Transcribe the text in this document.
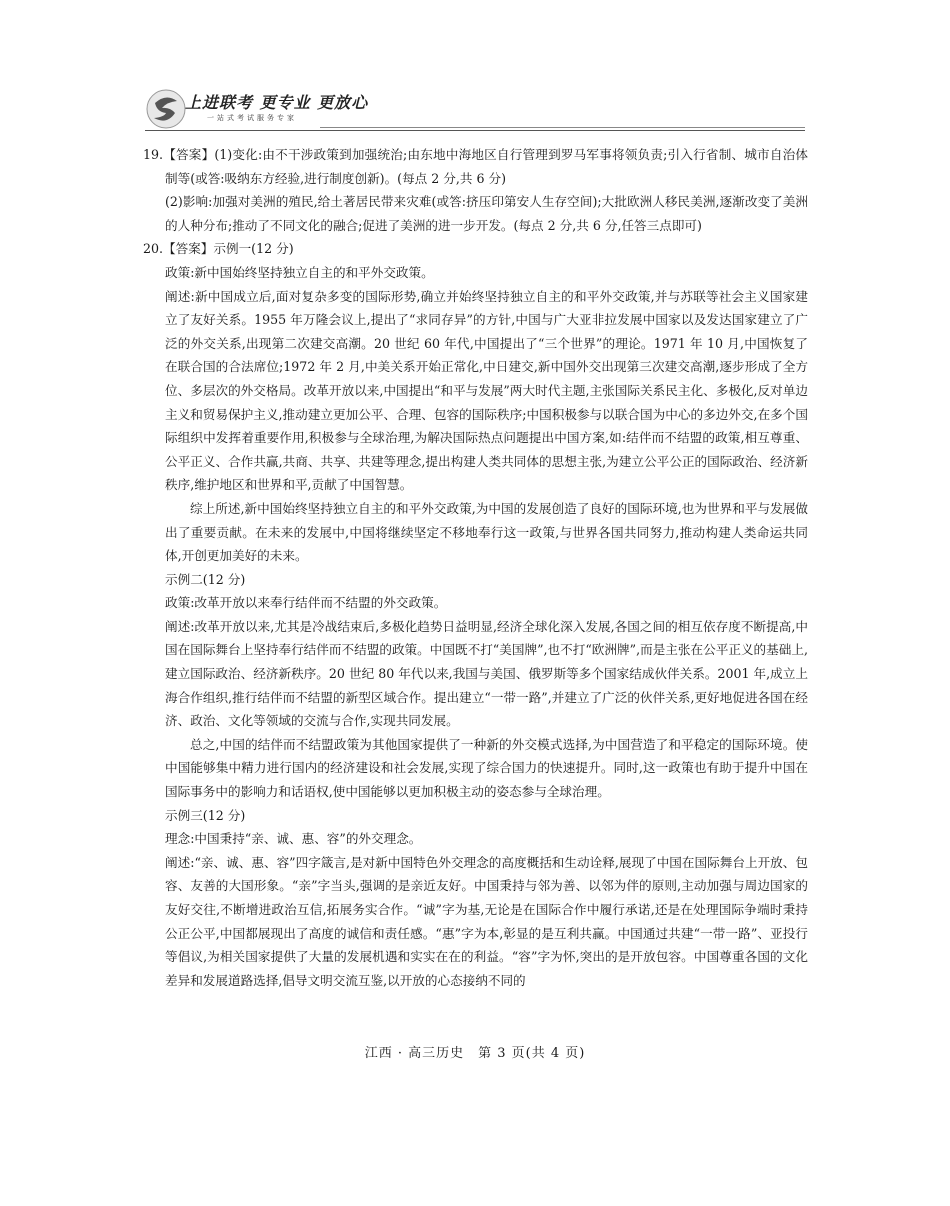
上进联考 更专业 更放心
一站式考试服务专家

19.【答案】(1)变化:由不干涉政策到加强统治;由东地中海地区自行管理到罗马军事将领负责;引入行省制、城市自治体制等(或答:吸纳东方经验,进行制度创新)。(每点 2 分,共 6 分)

(2)影响:加强对美洲的殖民,给土著居民带来灾难(或答:挤压印第安人生存空间);大批欧洲人移民美洲,逐渐改变了美洲的人种分布;推动了不同文化的融合;促进了美洲的进一步开发。(每点 2 分,共 6 分,任答三点即可)

20.【答案】示例一(12 分)

政策:新中国始终坚持独立自主的和平外交政策。

阐述:新中国成立后,面对复杂多变的国际形势,确立并始终坚持独立自主的和平外交政策,并与苏联等社会主义国家建立了友好关系。1955 年万隆会议上,提出了“求同存异”的方针,中国与广大亚非拉发展中国家以及发达国家建立了广泛的外交关系,出现第二次建交高潮。20 世纪 60 年代,中国提出了“三个世界”的理论。1971 年 10 月,中国恢复了在联合国的合法席位;1972 年 2 月,中美关系开始正常化,中日建交,新中国外交出现第三次建交高潮,逐步形成了全方位、多层次的外交格局。改革开放以来,中国提出“和平与发展”两大时代主题,主张国际关系民主化、多极化,反对单边主义和贸易保护主义,推动建立更加公平、合理、包容的国际秩序;中国积极参与以联合国为中心的多边外交,在多个国际组织中发挥着重要作用,积极参与全球治理,为解决国际热点问题提出中国方案,如:结伴而不结盟的政策,相互尊重、公平正义、合作共赢,共商、共享、共建等理念,提出构建人类共同体的思想主张,为建立公平公正的国际政治、经济新秩序,维护地区和世界和平,贡献了中国智慧。

综上所述,新中国始终坚持独立自主的和平外交政策,为中国的发展创造了良好的国际环境,也为世界和平与发展做出了重要贡献。在未来的发展中,中国将继续坚定不移地奉行这一政策,与世界各国共同努力,推动构建人类命运共同体,开创更加美好的未来。

示例二(12 分)

政策:改革开放以来奉行结伴而不结盟的外交政策。

阐述:改革开放以来,尤其是冷战结束后,多极化趋势日益明显,经济全球化深入发展,各国之间的相互依存度不断提高,中国在国际舞台上坚持奉行结伴而不结盟的政策。中国既不打“美国牌”,也不打“欧洲牌”,而是主张在公平正义的基础上,建立国际政治、经济新秩序。20 世纪 80 年代以来,我国与美国、俄罗斯等多个国家结成伙伴关系。2001 年,成立上海合作组织,推行结伴而不结盟的新型区域合作。提出建立“一带一路”,并建立了广泛的伙伴关系,更好地促进各国在经济、政治、文化等领域的交流与合作,实现共同发展。

总之,中国的结伴而不结盟政策为其他国家提供了一种新的外交模式选择,为中国营造了和平稳定的国际环境。使中国能够集中精力进行国内的经济建设和社会发展,实现了综合国力的快速提升。同时,这一政策也有助于提升中国在国际事务中的影响力和话语权,使中国能够以更加积极主动的姿态参与全球治理。

示例三(12 分)

理念:中国秉持“亲、诚、惠、容”的外交理念。

阐述:“亲、诚、惠、容”四字箴言,是对新中国特色外交理念的高度概括和生动诠释,展现了中国在国际舞台上开放、包容、友善的大国形象。“亲”字当头,强调的是亲近友好。中国秉持与邻为善、以邻为伴的原则,主动加强与周边国家的友好交往,不断增进政治互信,拓展务实合作。“诚”字为基,无论是在国际合作中履行承诺,还是在处理国际争端时秉持公正公平,中国都展现出了高度的诚信和责任感。“惠”字为本,彰显的是互利共赢。中国通过共建“一带一路”、亚投行等倡议,为相关国家提供了大量的发展机遇和实实在在的利益。“容”字为怀,突出的是开放包容。中国尊重各国的文化差异和发展道路选择,倡导文明交流互鉴,以开放的心态接纳不同的

江西 · 高三历史　第 3 页(共 4 页)
